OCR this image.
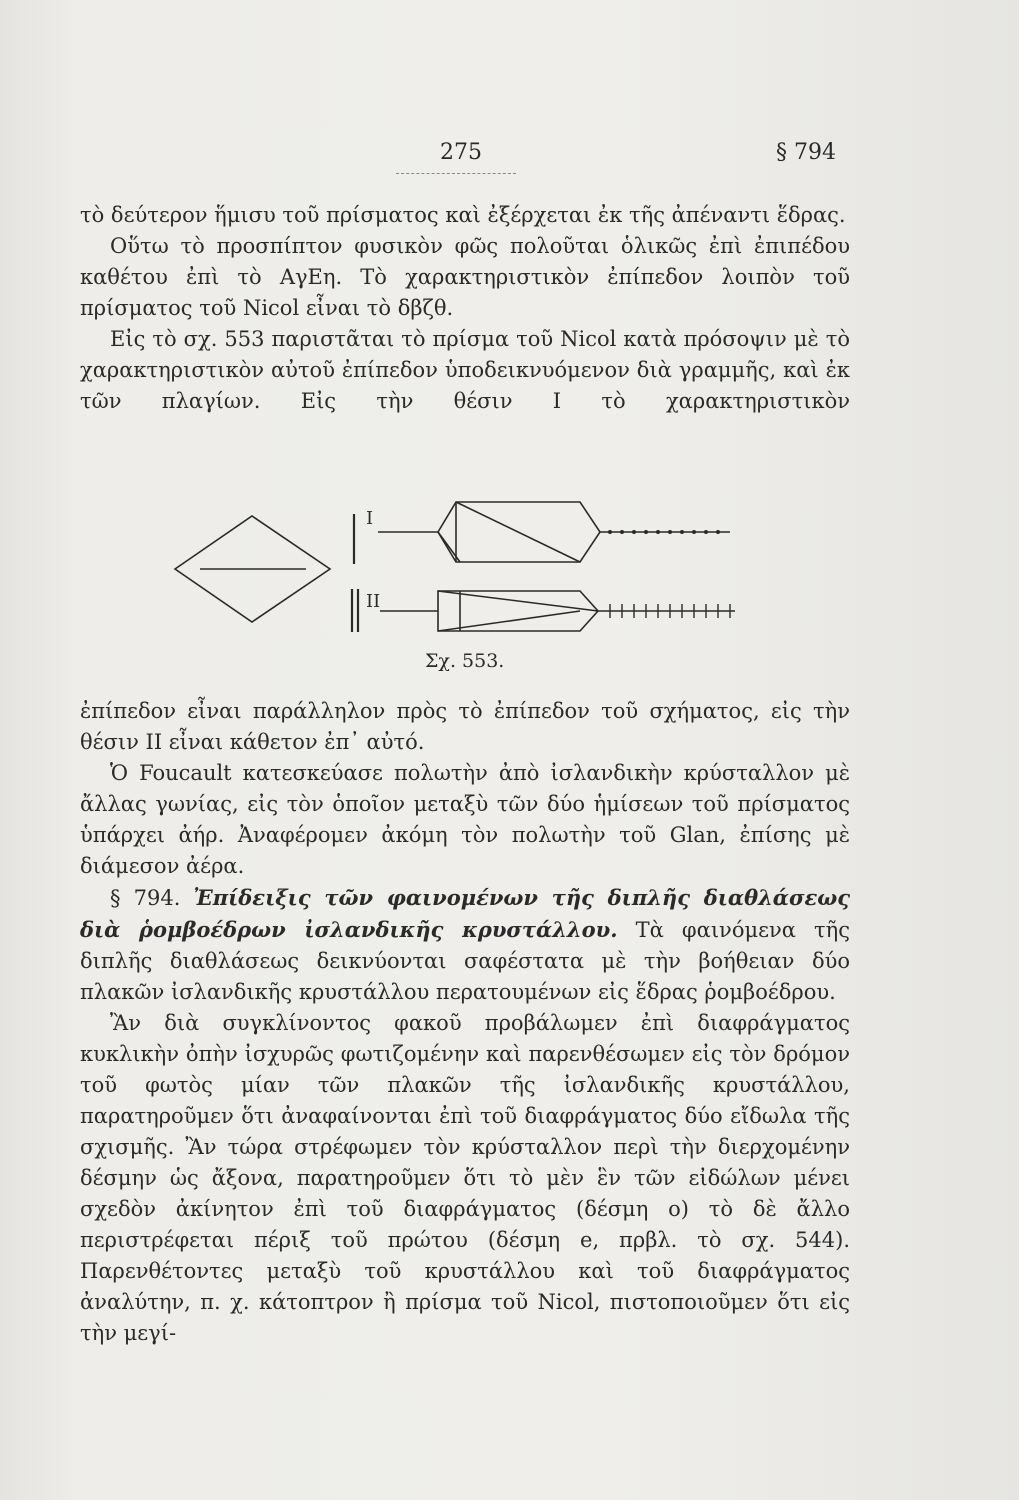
275	§ 794

τὸ δεύτερον ἥμισυ τοῦ πρίσματος καὶ ἐξέρχεται ἐκ τῆς ἀπέναντι ἕδρας.

Οὕτω τὸ προσπίπτον φυσικὸν φῶς πολοῦται ὁλικῶς ἐπὶ ἐπιπέδου καθέτου ἐπὶ τὸ ΑγΕη. Τὸ χαρακτηριστικὸν ἐπίπεδον λοιπὸν τοῦ πρίσματος τοῦ Nicol εἶναι τὸ δβζθ.

Εἰς τὸ σχ. 553 παριστᾶται τὸ πρίσμα τοῦ Nicol κατὰ πρόσοψιν μὲ τὸ χαρακτηριστικὸν αὐτοῦ ἐπίπεδον ὑποδεικνυόμενον διὰ γραμμῆς, καὶ ἐκ τῶν πλαγίων. Εἰς τὴν θέσιν Ι τὸ χαρακτηριστικὸν

I
II
Σχ. 553.

ἐπίπεδον εἶναι παράλληλον πρὸς τὸ ἐπίπεδον τοῦ σχήματος, εἰς τὴν θέσιν ΙΙ εἶναι κάθετον ἐπ᾽ αὐτό.

Ὁ Foucault κατεσκεύασε πολωτὴν ἀπὸ ἰσλανδικὴν κρύσταλλον μὲ ἄλλας γωνίας, εἰς τὸν ὁποῖον μεταξὺ τῶν δύο ἡμίσεων τοῦ πρίσματος ὑπάρχει ἀήρ. Ἀναφέρομεν ἀκόμη τὸν πολωτὴν τοῦ Glan, ἐπίσης μὲ διάμεσον ἀέρα.

§ 794. Ἐπίδειξις τῶν φαινομένων τῆς διπλῆς διαθλάσεως διὰ ῥομβοέδρων ἰσλανδικῆς κρυστάλλου. Τὰ φαινόμενα τῆς διπλῆς διαθλάσεως δεικνύονται σαφέστατα μὲ τὴν βοήθειαν δύο πλακῶν ἰσλανδικῆς κρυστάλλου περατουμένων εἰς ἕδρας ῥομβοέδρου.

Ἂν διὰ συγκλίνοντος φακοῦ προβάλωμεν ἐπὶ διαφράγματος κυκλικὴν ὀπὴν ἰσχυρῶς φωτιζομένην καὶ παρενθέσωμεν εἰς τὸν δρόμον τοῦ φωτὸς μίαν τῶν πλακῶν τῆς ἰσλανδικῆς κρυστάλλου, παρατηροῦμεν ὅτι ἀναφαίνονται ἐπὶ τοῦ διαφράγματος δύο εἴδωλα τῆς σχισμῆς. Ἂν τώρα στρέφωμεν τὸν κρύσταλλον περὶ τὴν διερχομένην δέσμην ὡς ἄξονα, παρατηροῦμεν ὅτι τὸ μὲν ἓν τῶν εἰδώλων μένει σχεδὸν ἀκίνητον ἐπὶ τοῦ διαφράγματος (δέσμη ο) τὸ δὲ ἄλλο περιστρέφεται πέριξ τοῦ πρώτου (δέσμη e, πρβλ. τὸ σχ. 544). Παρενθέτοντες μεταξὺ τοῦ κρυστάλλου καὶ τοῦ διαφράγματος ἀναλύτην, π. χ. κάτοπτρον ἢ πρίσμα τοῦ Nicol, πιστοποιοῦμεν ὅτι εἰς τὴν μεγί-
